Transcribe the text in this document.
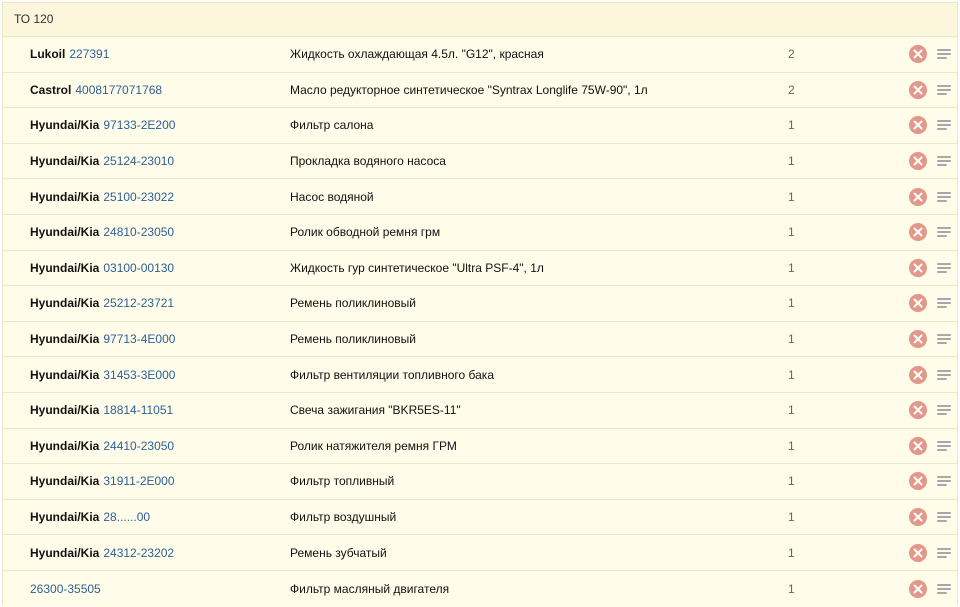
ТО 120
Lukoil 227391	Жидкость охлаждающая 4.5л. "G12", красная	2
Castrol 4008177071768	Масло редукторное синтетическое "Syntrax Longlife 75W-90", 1л	2
Hyundai/Kia 97133-2E200	Фильтр салона	1
Hyundai/Kia 25124-23010	Прокладка водяного насоса	1
Hyundai/Kia 25100-23022	Насос водяной	1
Hyundai/Kia 24810-23050	Ролик обводной ремня грм	1
Hyundai/Kia 03100-00130	Жидкость гур синтетическое "Ultra PSF-4", 1л	1
Hyundai/Kia 25212-23721	Ремень поликлиновый	1
Hyundai/Kia 97713-4E000	Ремень поликлиновый	1
Hyundai/Kia 31453-3E000	Фильтр вентиляции топливного бака	1
Hyundai/Kia 18814-11051	Свеча зажигания "BKR5ES-11"	1
Hyundai/Kia 24410-23050	Ролик натяжителя ремня ГРМ	1
Hyundai/Kia 31911-2E000	Фильтр топливный	1
Hyundai/Kia 28......00	Фильтр воздушный	1
Hyundai/Kia 24312-23202	Ремень зубчатый	1
26300-35505	Фильтр масляный двигателя	1
